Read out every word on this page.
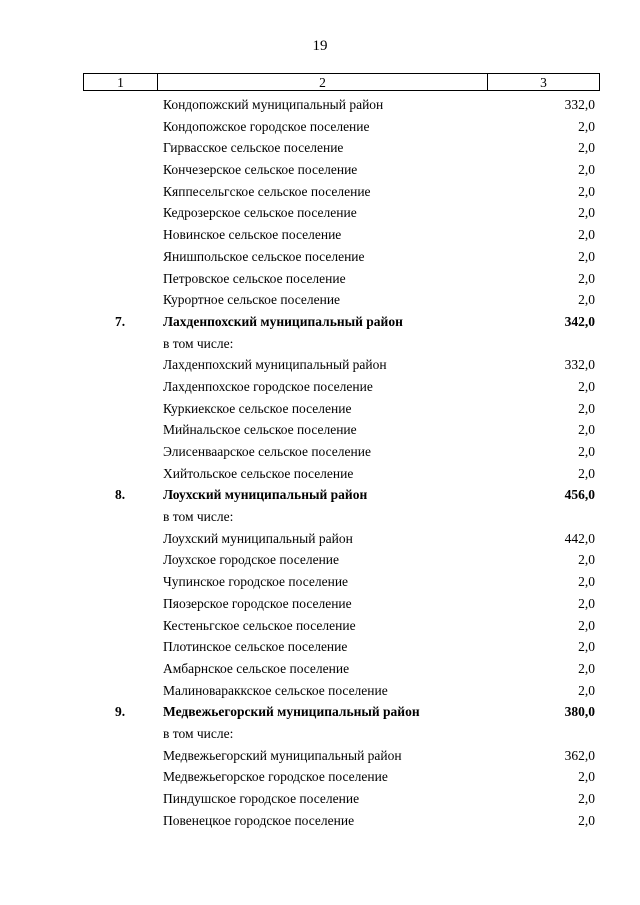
19
1	2	3
Кондопожский муниципальный район	332,0
Кондопожское городское поселение	2,0
Гирвасское сельское поселение	2,0
Кончезерское сельское поселение	2,0
Кяппесельгское сельское поселение	2,0
Кедрозерское сельское поселение	2,0
Новинское сельское поселение	2,0
Янишпольское сельское поселение	2,0
Петровское сельское поселение	2,0
Курортное сельское поселение	2,0
7.	Лахденпохский муниципальный район	342,0
в том числе:
Лахденпохский муниципальный район	332,0
Лахденпохское городское поселение	2,0
Куркиекское сельское поселение	2,0
Мийнальское сельское поселение	2,0
Элисенваарское сельское поселение	2,0
Хийтольское сельское поселение	2,0
8.	Лоухский муниципальный район	456,0
в том числе:
Лоухский муниципальный район	442,0
Лоухское городское поселение	2,0
Чупинское городское поселение	2,0
Пяозерское городское поселение	2,0
Кестеньгское сельское поселение	2,0
Плотинское сельское поселение	2,0
Амбарнское сельское поселение	2,0
Малиновараккское сельское поселение	2,0
9.	Медвежьегорский муниципальный район	380,0
в том числе:
Медвежьегорский муниципальный район	362,0
Медвежьегорское городское поселение	2,0
Пиндушское городское поселение	2,0
Повенецкое городское поселение	2,0
